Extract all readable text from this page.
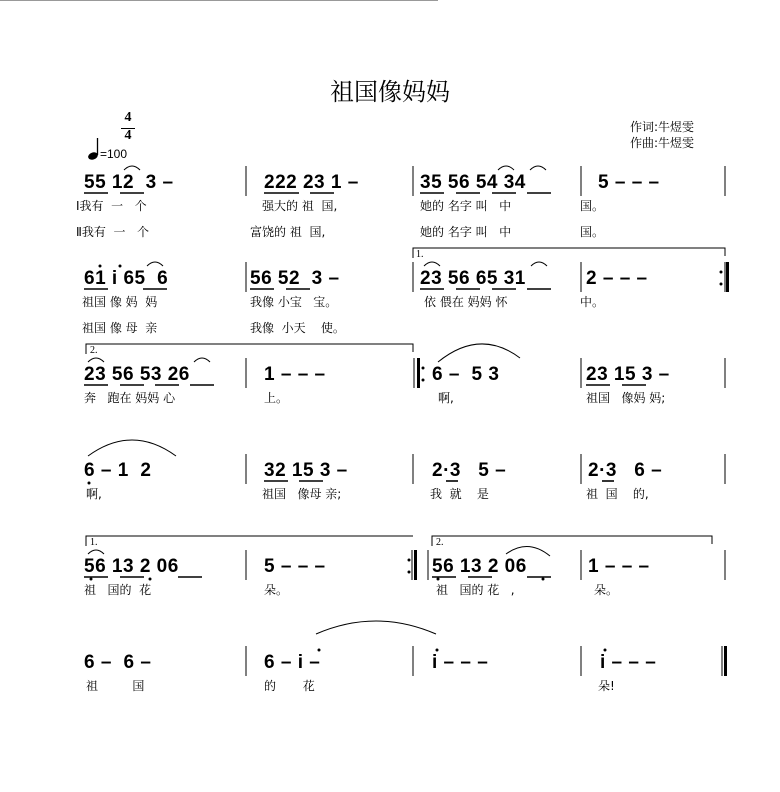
祖国像妈妈
作词:牛煜雯
作曲:牛煜雯
4
4
=100
55 12  3 –	222 23 1 –	35 56 54 34	5 – – –
Ⅰ我有  一   个	强大的 祖  国,	她的 名字 叫   中	国。
Ⅱ我有  一   个	富饶的 祖  国,	她的 名字 叫   中	国。
61 i 65  6	56 52  3 –	23 56 65 31	2 – – –
祖国 像 妈  妈	我像 小宝   宝。	依 偎在 妈妈 怀	中。
祖国 像 母  亲	我像  小天    使。
23 56 53 26	1 – – –	6 –  5 3	23 15 3 –
奔   跑在 妈妈 心	上。	啊,	祖国   像妈 妈;
6 – 1  2	32 15 3 –	2·3   5 –	2·3   6 –
啊,	祖国   像母 亲;	我  就    是	祖  国    的,
56 13 2 06	5 – – –	56 13 2 06	1 – – –
祖   国的  花	朵。	祖   国的 花   ,	朵。
6 –  6 –	6 – i –	i – – –	i – – –
祖         国	的       花	朵!
1.
2.
1.	2.
